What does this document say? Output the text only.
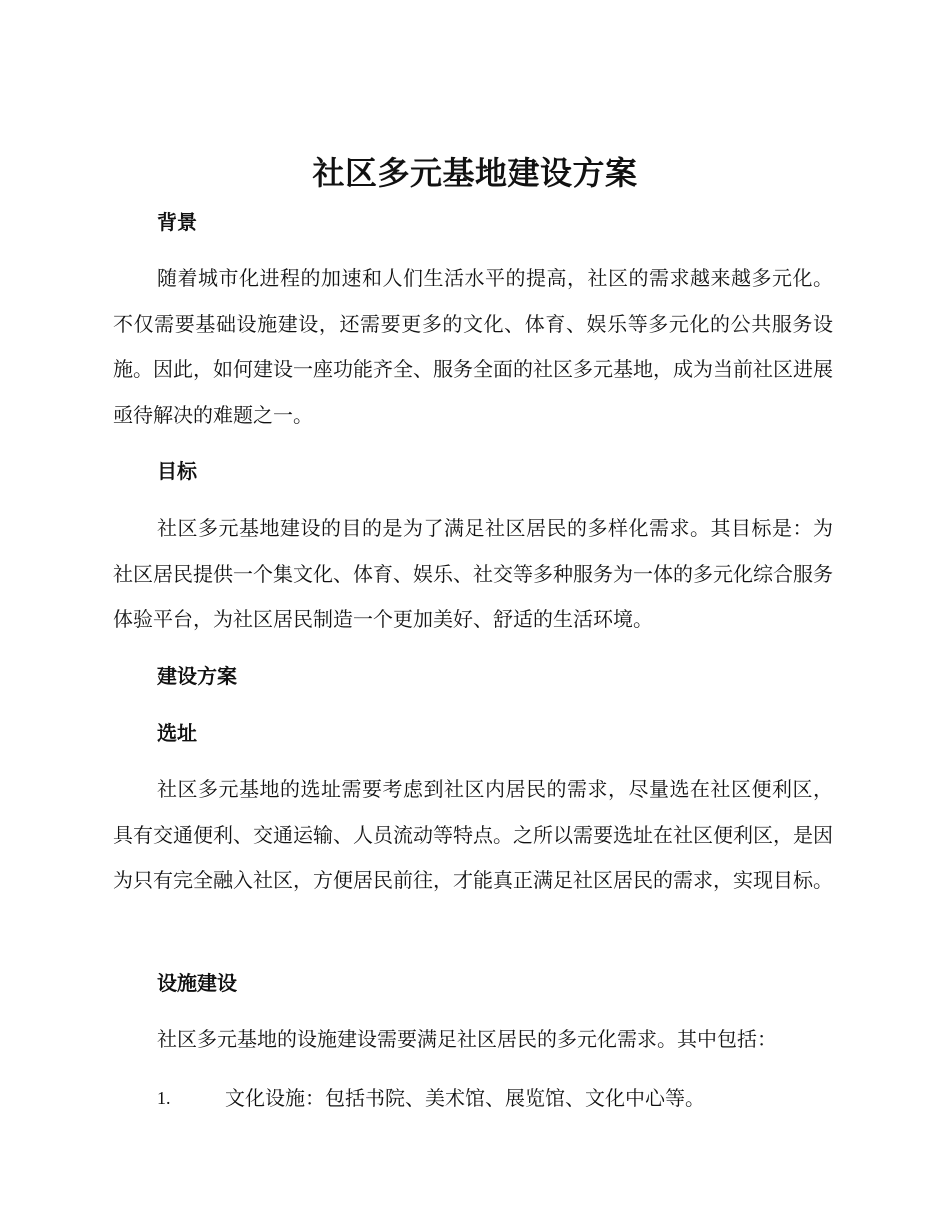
社区多元基地建设方案
背景

随着城市化进程的加速和人们生活水平的提高，社区的需求越来越多元化。不仅需要基础设施建设，还需要更多的文化、体育、娱乐等多元化的公共服务设施。因此，如何建设一座功能齐全、服务全面的社区多元基地，成为当前社区进展亟待解决的难题之一。

目标

社区多元基地建设的目的是为了满足社区居民的多样化需求。其目标是：为社区居民提供一个集文化、体育、娱乐、社交等多种服务为一体的多元化综合服务体验平台，为社区居民制造一个更加美好、舒适的生活环境。

建设方案
选址

社区多元基地的选址需要考虑到社区内居民的需求，尽量选在社区便利区，具有交通便利、交通运输、人员流动等特点。之所以需要选址在社区便利区，是因为只有完全融入社区，方便居民前往，才能真正满足社区居民的需求，实现目标。

设施建设

社区多元基地的设施建设需要满足社区居民的多元化需求。其中包括：

1.	文化设施：包括书院、美术馆、展览馆、文化中心等。
